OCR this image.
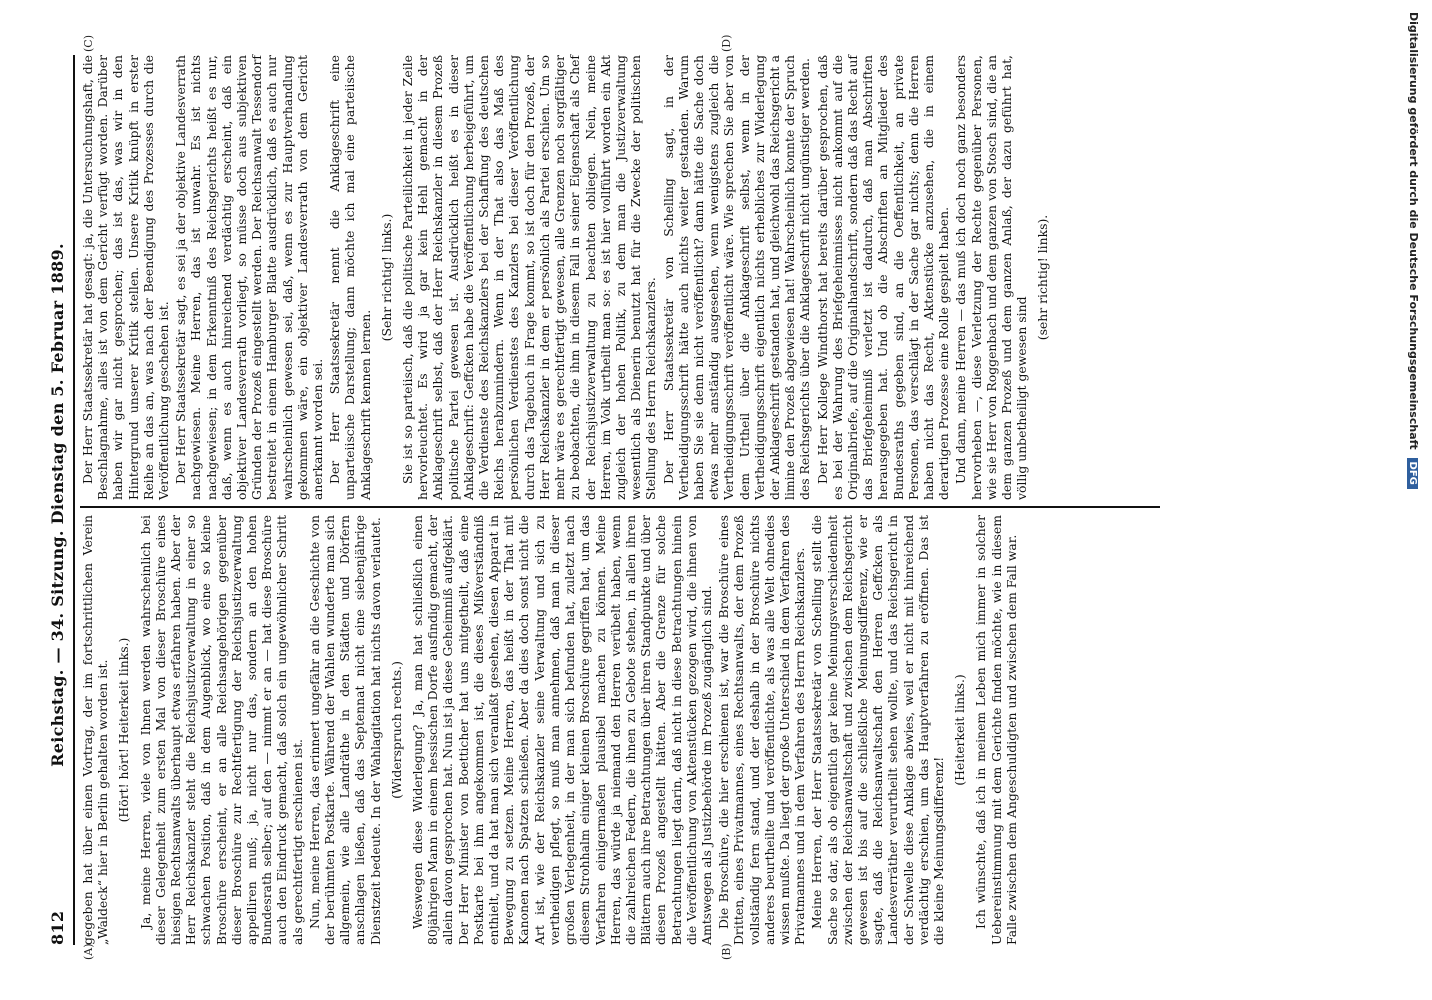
812
Reichstag. — 34. Sitzung. Dienstag den 5. Februar 1889. gegeben hat über einen Vortrag, der im fortschrittlichen Verein „Waldeck“ hier in Berlin gehalten worden ist. (Hört! hört! Heiterkeit links.) Ja, meine Herren, viele von Ihnen werden wahrscheinlich bei dieser Gelegenheit zum ersten Mal von dieser Broschüre eines hiesigen Rechtsanwalts überhaupt etwas erfahren haben. Aber der Herr Reichskanzler steht die Reichsjustizverwaltung in einer so schwachen Position, daß in dem Augenblick, wo eine so kleine Broschüre erscheint, er an alle Reichsangehörigen gegenüber dieser Broschüre zur Rechtfertigung der Reichsjustizverwaltung appelliren muß; ja, nicht nur das, sondern an den hohen Bundesrath selber; auf den — nimmt er an — hat diese Broschüre auch den Eindruck gemacht, daß solch ein ungewöhnlicher Schritt als gerechtfertigt erschienen ist. Nun, meine Herren, das erinnert ungefähr an die Geschichte von der berühmten Postkarte. Während der Wahlen wunderte man sich allgemein, wie alle Landräthe in den Städten und Dörfern anschlagen ließen, daß das Septennat nicht eine siebenjährige Dienstzeit bedeute. In der Wahlagitation hat nichts davon verlautet. (Widerspruch rechts.) Weswegen diese Widerlegung? Ja, man hat schließlich einen 80jährigen Mann in einem hessischen Dorfe ausfindig gemacht, der allein davon gesprochen hat. Nun ist ja diese Geheimniß aufgeklärt. Der Herr Minister von Boetticher hat uns mitgetheilt, daß eine Postkarte bei ihm angekommen ist, die dieses Mißverständniß enthielt, und da hat man sich veranlaßt gesehen, diesen Apparat in Bewegung zu setzen. Meine Herren, das heißt in der That mit Kanonen nach Spatzen schießen. Aber da dies doch sonst nicht die Art ist, wie der Reichskanzler seine Verwaltung und sich zu vertheidigen pflegt, so muß man annehmen, daß man in dieser großen Verlegenheit, in der man sich befunden hat, zuletzt nach diesem Strohhalm einiger kleinen Broschüre gegriffen hat, um das Verfahren einigermaßen plausibel machen zu können. Meine Herren, das würde ja niemand den Herren verübelt haben, wenn die zahlreichen Federn, die ihnen zu Gebote stehen, in allen ihren Blättern auch ihre Betrachtungen über ihren Standpunkte und über diesen Prozeß angestellt hätten. Aber die Grenze für solche Betrachtungen liegt darin, daß nicht in diese Betrachtungen hinein die Veröffentlichung von Aktenstücken gezogen wird, die ihnen von Amtswegen als Justizbehörde im Prozeß zugänglich sind. Die Broschüre, die hier erschienen ist, war die Broschüre eines Dritten, eines Privatmannes, eines Rechtsanwalts, der dem Prozeß vollständig fern stand, und der deshalb in der Broschüre nichts anderes beurtheilte und veröffentlichte, als was alle Welt ohnedies wissen mußte. Da liegt der große Unterschied in dem Verfahren des Privatmannes und in dem Verfahren des Herrn Reichskanzlers. Meine Herren, der Herr Staatssekretär von Schelling stellt die Sache so dar, als ob eigentlich gar keine Meinungsverschiedenheit zwischen der Reichsanwaltschaft und zwischen dem Reichsgericht gewesen ist bis auf die schließliche Meinungsdifferenz, wie er sagte, daß die Reichsanwaltschaft den Herren Geffcken als Landesverräther verurtheilt sehen wollte, und das Reichsgericht in der Schwelle diese Anklage abwies, weil er nicht mit hinreichend verdächtig erschien, um das Hauptverfahren zu eröffnen. Das ist die kleine Meinungsdifferenz!

(Heiterkeit links.) Ich wünschte, daß ich in meinem Leben mich immer in solcher Uebereinstimmung mit dem Gerichte finden möchte, wie in diesem Falle zwischen dem Angeschuldigten und zwischen dem Fall war.

Der Herr Staatssekretär hat gesagt: ja, die Untersuchungshaft, die Beschlagnahme, alles ist von dem Gericht verfügt worden. Darüber haben wir gar nicht gesprochen; das ist das, was wir in den Hintergrund unserer Kritik stellen. Unsere Kritik knüpft in erster Reihe an das an, was nach der Beendigung des Prozesses durch die Veröffentlichung geschehen ist. Der Herr Staatssekretär sagt, es sei ja der objektive Landesverrath nachgewiesen. Meine Herren, das ist unwahr. Es ist nichts nachgewiesen; in dem Erkenntniß des Reichsgerichts heißt es nur, daß, wenn es auch hinreichend verdächtig erscheint, daß ein objektiver Landesverrath vorliegt, so müsse doch aus subjektiven Gründen der Prozeß eingestellt werden. Der Reichsanwalt Tessendorf bestreitet in einem Hamburger Blatte ausdrücklich, daß es auch nur wahrscheinlich gewesen sei, daß, wenn es zur Hauptverhandlung gekommen wäre, ein objektiver Landesverrath von dem Gericht anerkannt worden sei. Der Herr Staatssekretär nennt die Anklageschrift eine unparteiische Darstellung; dann möchte ich mal eine parteiische Anklageschrift kennen lernen.

(Sehr richtig! links.) Sie ist so parteiisch, daß die politische Parteilichkeit in jeder Zeile hervorleuchtet. Es wird ja gar kein Hehl gemacht in der Anklageschrift selbst, daß der Herr Reichskanzler in diesem Prozeß politische Partei gewesen ist. Ausdrücklich heißt es in dieser Anklageschrift: Geffcken habe die Veröffentlichung herbeigeführt, um die Verdienste des Reichskanzlers bei der Schaffung des deutschen Reichs herabzumindern. Wenn in der That also das Maß des persönlichen Verdienstes des Kanzlers bei dieser Veröffentlichung durch das Tagebuch in Frage kommt, so ist doch für den Prozeß, der Herr Reichskanzler in dem er persönlich als Partei erschien. Um so mehr wäre es gerechtfertigt gewesen, alle Grenzen noch sorgfältiger zu beobachten, die ihm in diesem Fall in seiner Eigenschaft als Chef der Reichsjustizverwaltung zu beachten obliegen. Nein, meine Herren, im Volk urtheilt man so: es ist hier vollführt worden ein Akt zugleich der hohen Politik, zu dem man die Justizverwaltung wesentlich als Dienerin benutzt hat für die Zwecke der politischen Stellung des Herrn Reichskanzlers. Der Herr Staatssekretär von Schelling sagt, in der Vertheidigungsschrift hätte auch nichts weiter gestanden. Warum haben Sie sie denn nicht veröffentlicht? dann hätte die Sache doch etwas mehr anständig ausgesehen, wenn wenigstens zugleich die Vertheidigungsschrift veröffentlicht wäre. Wie sprechen Sie aber von dem Urtheil über die Anklageschrift selbst, wenn in der Vertheidigungsschrift eigentlich nichts erhebliches zur Widerlegung der Anklageschrift gestanden hat, und gleichwohl das Reichsgericht a limine den Prozeß abgewiesen hat! Wahrscheinlich konnte der Spruch des Reichsgerichts über die Anklageschrift nicht ungünstiger werden. Der Herr Kollege Windthorst hat bereits darüber gesprochen, daß es bei der Wahrung des Briefgeheimnisses nicht ankommt auf die Originalbriefe, auf die Originalhandschrift, sondern daß das Recht auf das Briefgeheimniß verletzt ist dadurch, daß man Abschriften herausgegeben hat. Und ob die Abschriften an Mitglieder des Bundesraths gegeben sind, an die Oeffentlichkeit, an private Personen, das verschlägt in der Sache gar nichts; denn die Herren haben nicht das Recht, Aktenstücke anzusehen, die in einem derartigen Prozesse eine Rolle gespielt haben. Und dann, meine Herren — das muß ich doch noch ganz besonders hervorheben —, diese Verletzung der Rechte gegenüber Personen, wie sie Herr von Roggenbach und dem ganzen von Stosch sind, die an dem ganzen Prozeß und dem ganzen Anlaß, der dazu geführt hat, völlig unbetheiligt gewesen sind

(sehr richtig! links).

(A)	(B)
(C)	(D)	Digitalisierung gefördert durch die Deutsche Forschungsgemeinschaft DFG
